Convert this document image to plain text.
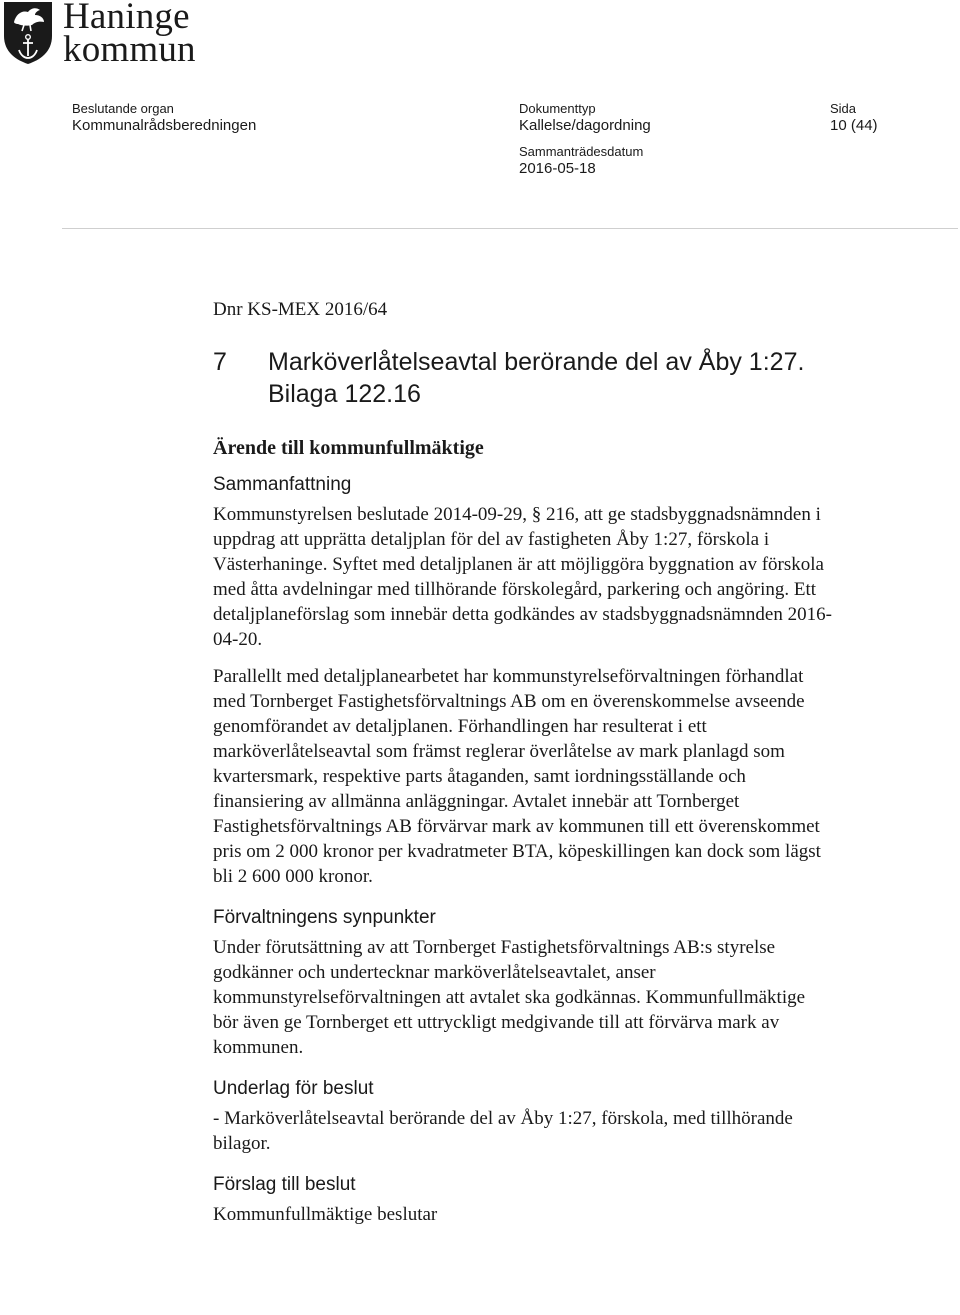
Haninge
kommun
Beslutande organ
Kommunalrådsberedningen
Dokumenttyp
Kallelse/dagordning
Sida
10 (44)
Sammanträdesdatum
2016-05-18

Dnr KS-MEX 2016/64

7	Marköverlåtelseavtal berörande del av Åby 1:27. Bilaga 122.16
Ärende till kommunfullmäktige
Sammanfattning

Kommunstyrelsen beslutade 2014-09-29, § 216, att ge stadsbyggnadsnämnden i uppdrag att upprätta detaljplan för del av fastigheten Åby 1:27, förskola i Västerhaninge. Syftet med detaljplanen är att möjliggöra byggnation av förskola med åtta avdelningar med tillhörande förskolegård, parkering och angöring. Ett detaljplaneförslag som innebär detta godkändes av stadsbyggnadsnämnden 2016-04-20.

Parallellt med detaljplanearbetet har kommunstyrelseförvaltningen förhandlat med Tornberget Fastighetsförvaltnings AB om en överenskommelse avseende genomförandet av detaljplanen. Förhandlingen har resulterat i ett marköverlåtelseavtal som främst reglerar överlåtelse av mark planlagd som kvartersmark, respektive parts åtaganden, samt iordningsställande och finansiering av allmänna anläggningar. Avtalet innebär att Tornberget Fastighetsförvaltnings AB förvärvar mark av kommunen till ett överenskommet pris om 2 000 kronor per kvadratmeter BTA, köpeskillingen kan dock som lägst bli 2 600 000 kronor.

Förvaltningens synpunkter

Under förutsättning av att Tornberget Fastighetsförvaltnings AB:s styrelse godkänner och undertecknar marköverlåtelseavtalet, anser kommunstyrelseförvaltningen att avtalet ska godkännas. Kommunfullmäktige bör även ge Tornberget ett uttryckligt medgivande till att förvärva mark av kommunen.

Underlag för beslut

- Marköverlåtelseavtal berörande del av Åby 1:27, förskola, med tillhörande bilagor.

Förslag till beslut

Kommunfullmäktige beslutar
